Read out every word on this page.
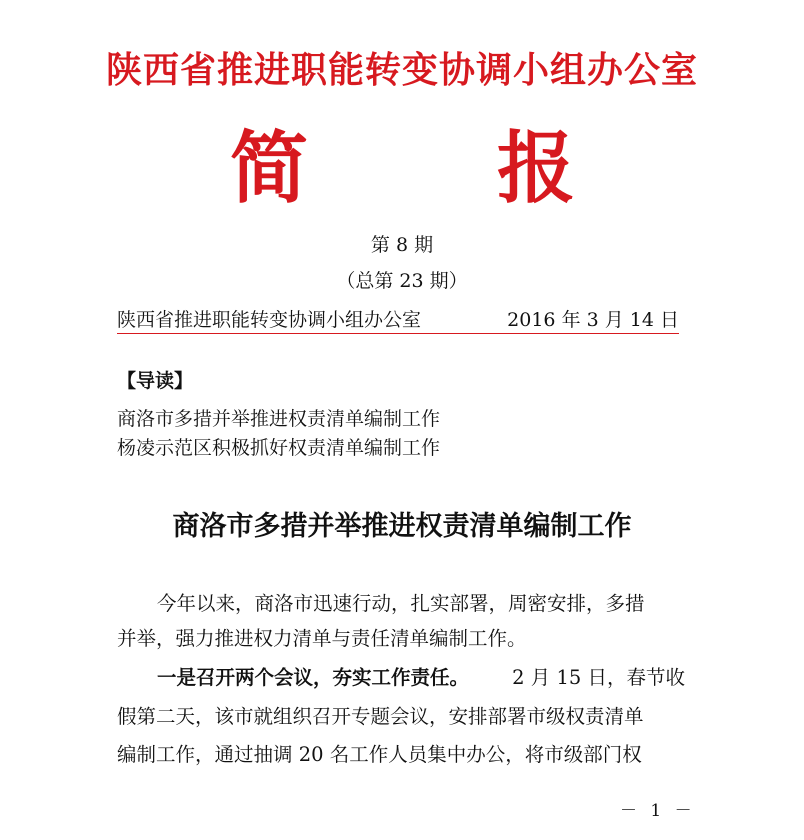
陕西省推进职能转变协调小组办公室
简 报
第 8 期
（总第 23 期）
陕西省推进职能转变协调小组办公室	2016 年 3 月 14 日
【导读】
商洛市多措并举推进权责清单编制工作
杨凌示范区积极抓好权责清单编制工作
商洛市多措并举推进权责清单编制工作
今年以来，商洛市迅速行动，扎实部署，周密安排，多措
并举，强力推进权力清单与责任清单编制工作。
一是召开两个会议，夯实工作责任。 2 月 15 日，春节收
假第二天，该市就组织召开专题会议，安排部署市级权责清单
编制工作，通过抽调 20 名工作人员集中办公，将市级部门权
－ 1 －
